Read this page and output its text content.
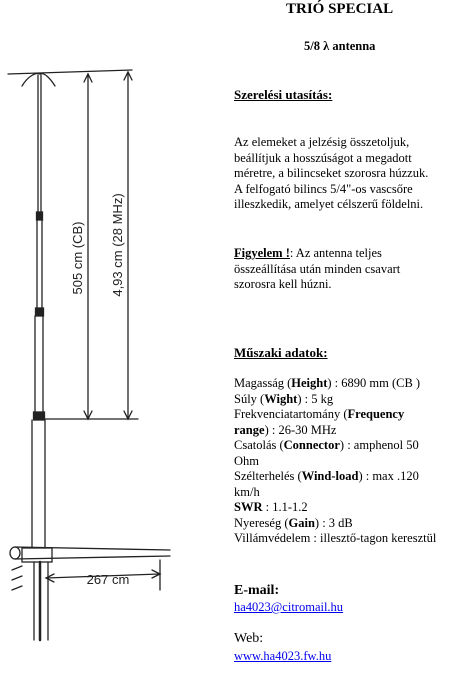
505 cm (CB) 4,93 cm (28 MHz)
267 cm
TRIÓ SPECIAL
5/8 λ antenna
Szerelési utasítás:
Az elemeket a jelzésig összetoljuk,
beállítjuk a hosszúságot a megadott
méretre, a bilincseket szorosra húzzuk.
A felfogató bilincs 5/4"-os vascsőre
illeszkedik, amelyet célszerű földelni.
Figyelem !: Az antenna teljes
összeállítása után minden csavart
szorosra kell húzni.
Műszaki adatok:
Magasság (Height) : 6890 mm (CB )
Súly (Wight) : 5 kg
Frekvenciatartomány (Frequency
range) : 26-30 MHz
Csatolás (Connector) : amphenol 50
Ohm
Szélterhelés (Wind-load) : max .120
km/h
SWR : 1.1-1.2
Nyereség (Gain) : 3 dB
Villámvédelem : illesztő-tagon keresztül
E-mail:
ha4023@citromail.hu
Web:
www.ha4023.fw.hu
